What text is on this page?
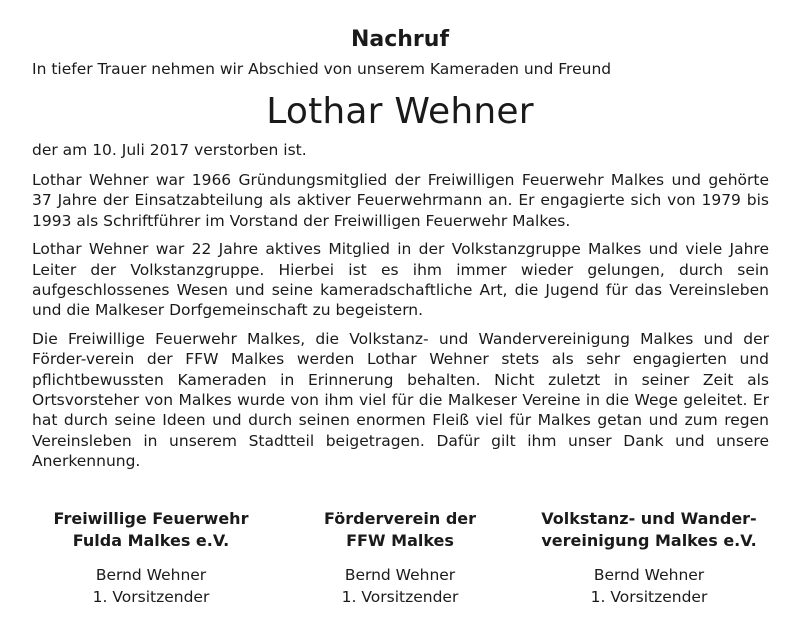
Nachruf

In tiefer Trauer nehmen wir Abschied von unserem Kameraden und Freund

Lothar Wehner

der am 10. Juli 2017 verstorben ist.

Lothar Wehner war 1966 Gründungsmitglied der Freiwilligen Feuerwehr Malkes und gehörte 37 Jahre der Einsatzabteilung als aktiver Feuerwehrmann an. Er engagierte sich von 1979 bis 1993 als Schriftführer im Vorstand der Freiwilligen Feuerwehr Malkes.

Lothar Wehner war 22 Jahre aktives Mitglied in der Volkstanzgruppe Malkes und viele Jahre Leiter der Volkstanzgruppe. Hierbei ist es ihm immer wieder gelungen, durch sein aufgeschlossenes Wesen und seine kameradschaftliche Art, die Jugend für das Vereinsleben und die Malkeser Dorfgemeinschaft zu begeistern.

Die Freiwillige Feuerwehr Malkes, die Volkstanz- und Wandervereinigung Malkes und der Förder-verein der FFW Malkes werden Lothar Wehner stets als sehr engagierten und pflichtbewussten Kameraden in Erinnerung behalten. Nicht zuletzt in seiner Zeit als Ortsvorsteher von Malkes wurde von ihm viel für die Malkeser Vereine in die Wege geleitet. Er hat durch seine Ideen und durch seinen enormen Fleiß viel für Malkes getan und zum regen Vereinsleben in unserem Stadtteil beigetragen. Dafür gilt ihm unser Dank und unsere Anerkennung.

Freiwillige Feuerwehr
Fulda Malkes e.V.

Bernd Wehner
1. Vorsitzender

Förderverein der
FFW Malkes

Bernd Wehner
1. Vorsitzender

Volkstanz- und Wander-
vereinigung Malkes e.V.

Bernd Wehner
1. Vorsitzender
